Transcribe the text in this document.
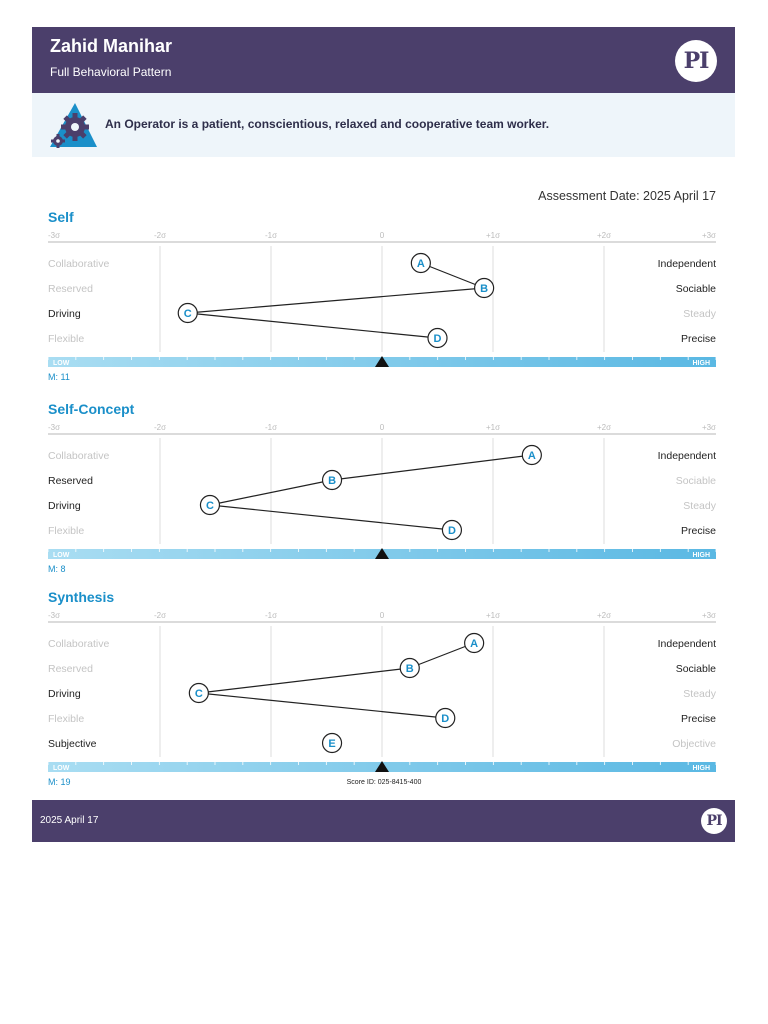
Zahid Manihar
Full Behavioral Pattern	PI
An Operator is a patient, conscientious, relaxed and cooperative team worker.
Assessment Date: 2025 April 17
Self
-3σ	-2σ	-1σ	0	+1σ	+2σ	+3σ
Collaborative	Independent
Reserved	Sociable
Driving	Steady
Flexible	Precise
A
B
C
D
LOW	HIGH
M: 11
Self-Concept
-3σ	-2σ	-1σ	0	+1σ	+2σ	+3σ
Collaborative	Independent
Reserved	Sociable
Driving	Steady
Flexible	Precise
A
B
C
D
LOW	HIGH
M: 8
Synthesis
-3σ	-2σ	-1σ	0	+1σ	+2σ	+3σ
Collaborative	Independent
Reserved	Sociable
Driving	Steady
Flexible	Precise
Subjective	Objective
A
B
C
D
E
LOW	HIGH
M: 19	Score ID: 025-8415-400
2025 April 17	PI
